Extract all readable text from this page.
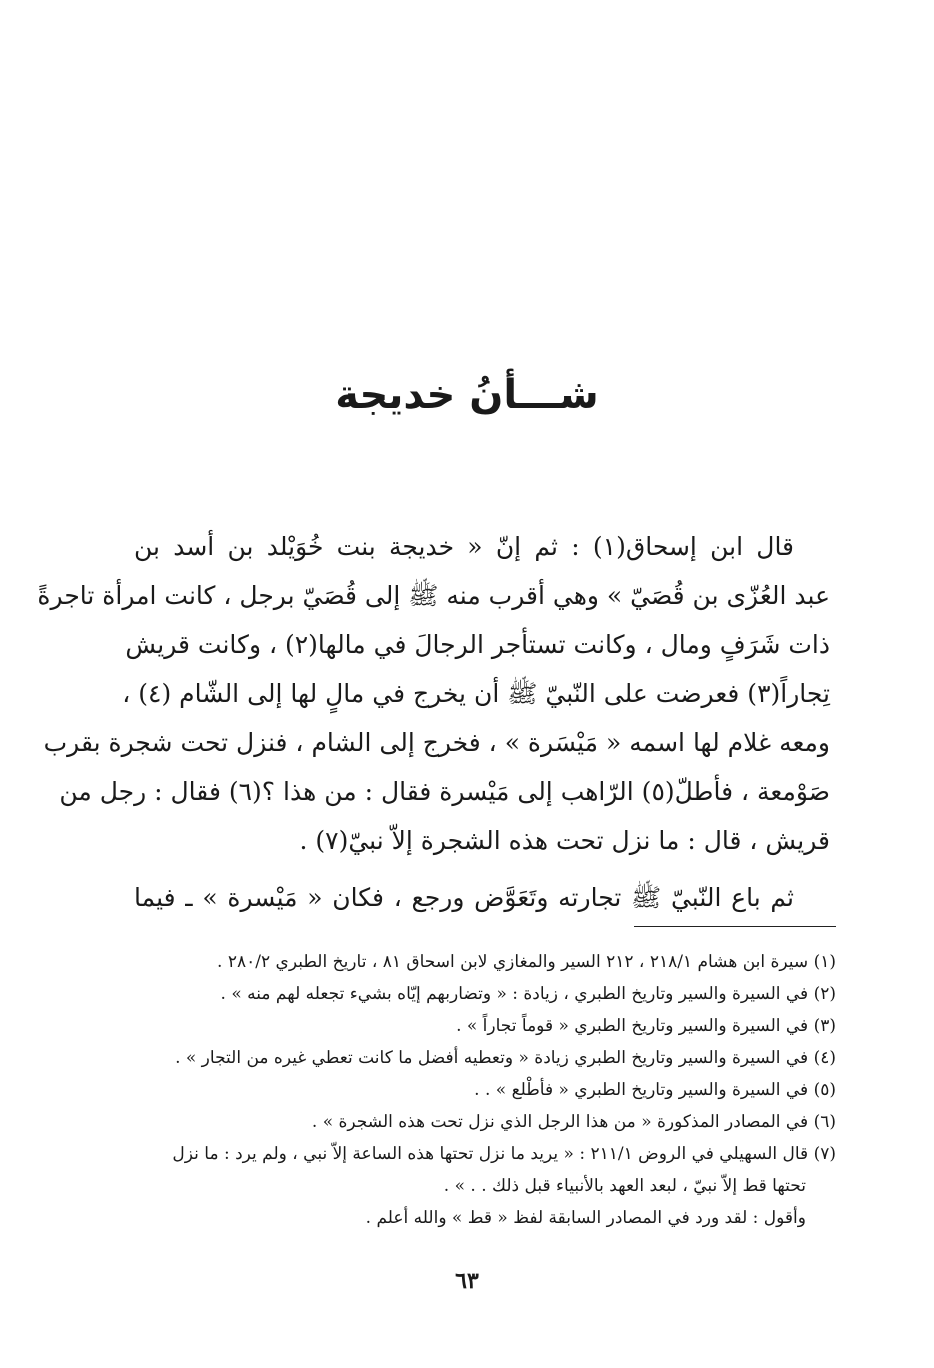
شـــأنُ خديجة
قال ابن إسحاق(١) : ثم إنّ « خديجة بنت خُوَيْلد بن أسد بن
عبد العُزّى بن قُصَيّ » وهي أقرب منه ﷺ إلى قُصَيّ برجل ، كانت امرأة تاجرةً
ذات شَرَفٍ ومال ، وكانت تستأجر الرجالَ في مالها(٢) ، وكانت قريش
تِجاراً(٣) فعرضت على النّبيّ ﷺ أن يخرج في مالٍ لها إلى الشّام (٤) ،
ومعه غلام لها اسمه « مَيْسَرة » ، فخرج إلى الشام ، فنزل تحت شجرة بقرب
صَوْمعة ، فأطلّ(٥) الرّاهب إلى مَيْسرة فقال : من هذا ؟(٦) فقال : رجل من
قريش ، قال : ما نزل تحت هذه الشجرة إلاّ نبيّ(٧) .
ثم باع النّبيّ ﷺ تجارته وتَعَوَّض ورجع ، فكان « مَيْسرة » ـ فيما
(١) سيرة ابن هشام ٢١٨/١ ، ٢١٢ السير والمغازي لابن اسحاق ٨١ ، تاريخ الطبري ٢٨٠/٢ .
(٢) في السيرة والسير وتاريخ الطبري ، زيادة : « وتضاربهم إيّاه بشيء تجعله لهم منه » .
(٣) في السيرة والسير وتاريخ الطبري « قوماً تجاراً » .
(٤) في السيرة والسير وتاريخ الطبري زيادة « وتعطيه أفضل ما كانت تعطي غيره من التجار » .
(٥) في السيرة والسير وتاريخ الطبري « فأطْلع » . .
(٦) في المصادر المذكورة « من هذا الرجل الذي نزل تحت هذه الشجرة » .
(٧) قال السهيلي في الروض ٢١١/١ : « يريد ما نزل تحتها هذه الساعة إلاّ نبي ، ولم يرد : ما نزل
تحتها قط إلاّ نبيّ ، لبعد العهد بالأنبياء قبل ذلك . . » .
وأقول : لقد ورد في المصادر السابقة لفظ « قط » والله أعلم .
٦٣
